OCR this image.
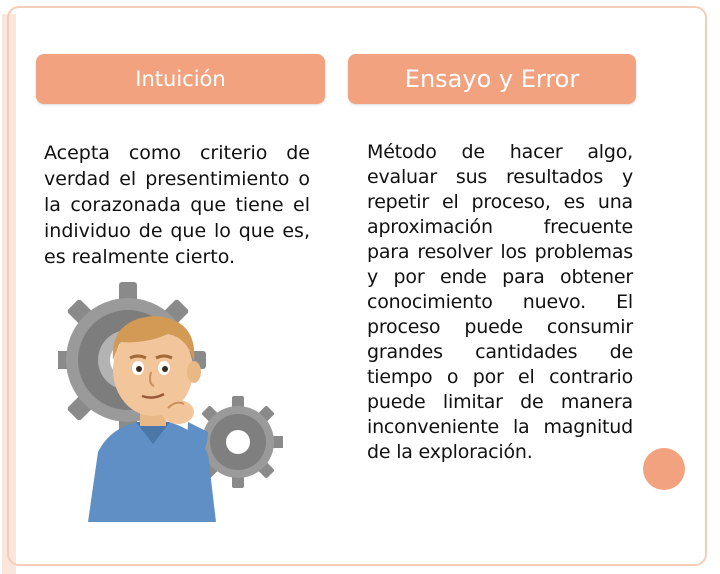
Intuición	Ensayo y Error

Acepta como criterio de verdad el presentimiento o la corazonada que tiene el individuo de que lo que es, es realmente cierto.

Método de hacer algo, evaluar sus resultados y repetir el proceso, es una aproximación frecuente para resolver los problemas y por ende para obtener conocimiento nuevo. El proceso puede consumir grandes cantidades de tiempo o por el contrario puede limitar de manera inconveniente la magnitud de la exploración.
